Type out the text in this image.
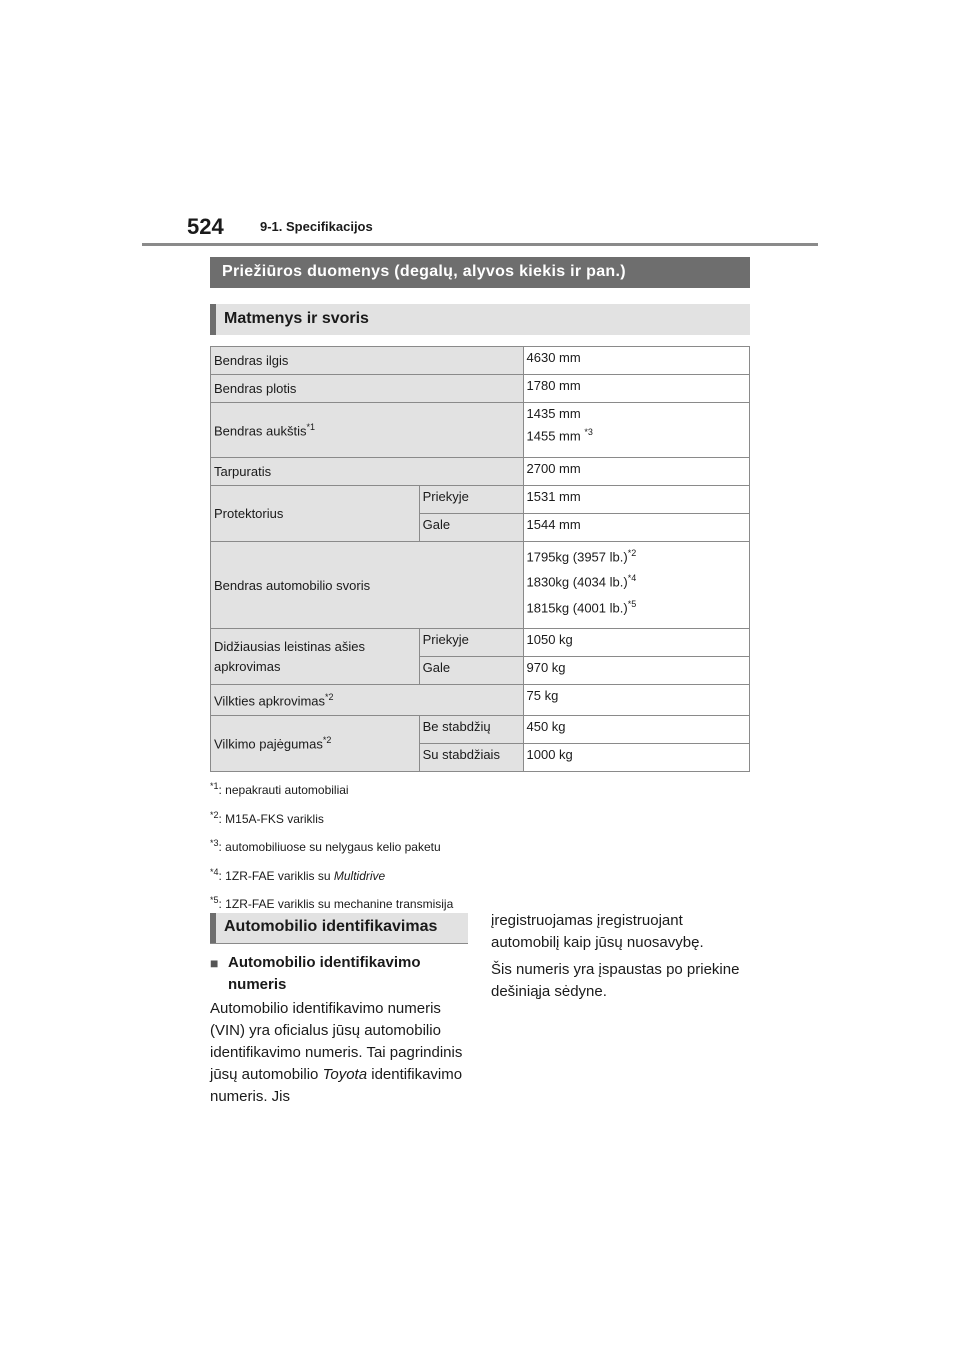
524	9-1. Specifikacijos
Priežiūros duomenys (degalų, alyvos kiekis ir pan.)
Matmenys ir svoris
Bendras ilgis		4630 mm
Bendras plotis		1780 mm
Bendras aukštis$^{*1}$		1435 mm
1455 mm $^{*3}$

Tarpuratis		2700 mm
Protektorius	Priekyje	1531 mm
	Gale	1544 mm
Bendras automobilio svoris		1795kg (3957 lb.)$^{*2}$
1830kg (4034 lb.)$^{*4}$
1815kg (4001 lb.)$^{*5}$

Didžiausias leistinas ašies apkrovimas	Priekyje	1050 kg
	Gale	970 kg
Vilkties apkrovimas$^{*2}$		75 kg
Vilkimo pajėgumas$^{*2}$	Be stabdžių	450 kg
	Su stabdžiais	1000 kg
$^{*1}$: nepakrauti automobiliai
$^{*2}$: M15A-FKS variklis
$^{*3}$: automobiliuose su nelygaus kelio paketu
$^{*4}$: 1ZR-FAE variklis su Multidrive
$^{*5}$: 1ZR-FAE variklis su mechanine transmisija
Automobilio identifikavimas
■ Automobilio identifikavimo numeris
Automobilio identifikavimo numeris (VIN) yra oficialus jūsų automobilio identifikavimo numeris. Tai pagrindinis jūsų automobilio Toyota identifikavimo numeris. Jis

įregistruojamas įregistruojant automobilį kaip jūsų nuosavybę.

Šis numeris yra įspaustas po priekine dešiniąja sėdyne.
